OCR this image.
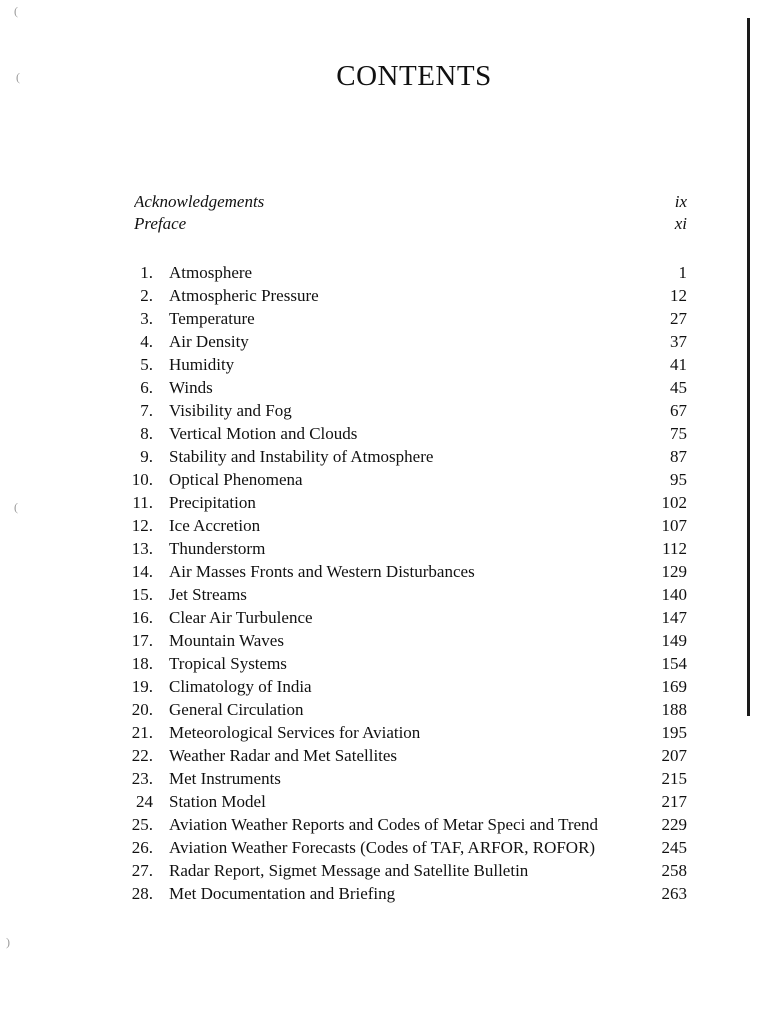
CONTENTS
Acknowledgements	ix
Preface	xi
1. Atmosphere	1
2. Atmospheric Pressure	12
3. Temperature	27
4. Air Density	37
5. Humidity	41
6. Winds	45
7. Visibility and Fog	67
8. Vertical Motion and Clouds	75
9. Stability and Instability of Atmosphere	87
10. Optical Phenomena	95
11. Precipitation	102
12. Ice Accretion	107
13. Thunderstorm	112
14. Air Masses Fronts and Western Disturbances	129
15. Jet Streams	140
16. Clear Air Turbulence	147
17. Mountain Waves	149
18. Tropical Systems	154
19. Climatology of India	169
20. General Circulation	188
21. Meteorological Services for Aviation	195
22. Weather Radar and Met Satellites	207
23. Met Instruments	215
24 Station Model	217
25. Aviation Weather Reports and Codes of Metar Speci and Trend	229
26. Aviation Weather Forecasts (Codes of TAF, ARFOR, ROFOR)	245
27. Radar Report, Sigmet Message and Satellite Bulletin	258
28. Met Documentation and Briefing	263
(
(
(
)
